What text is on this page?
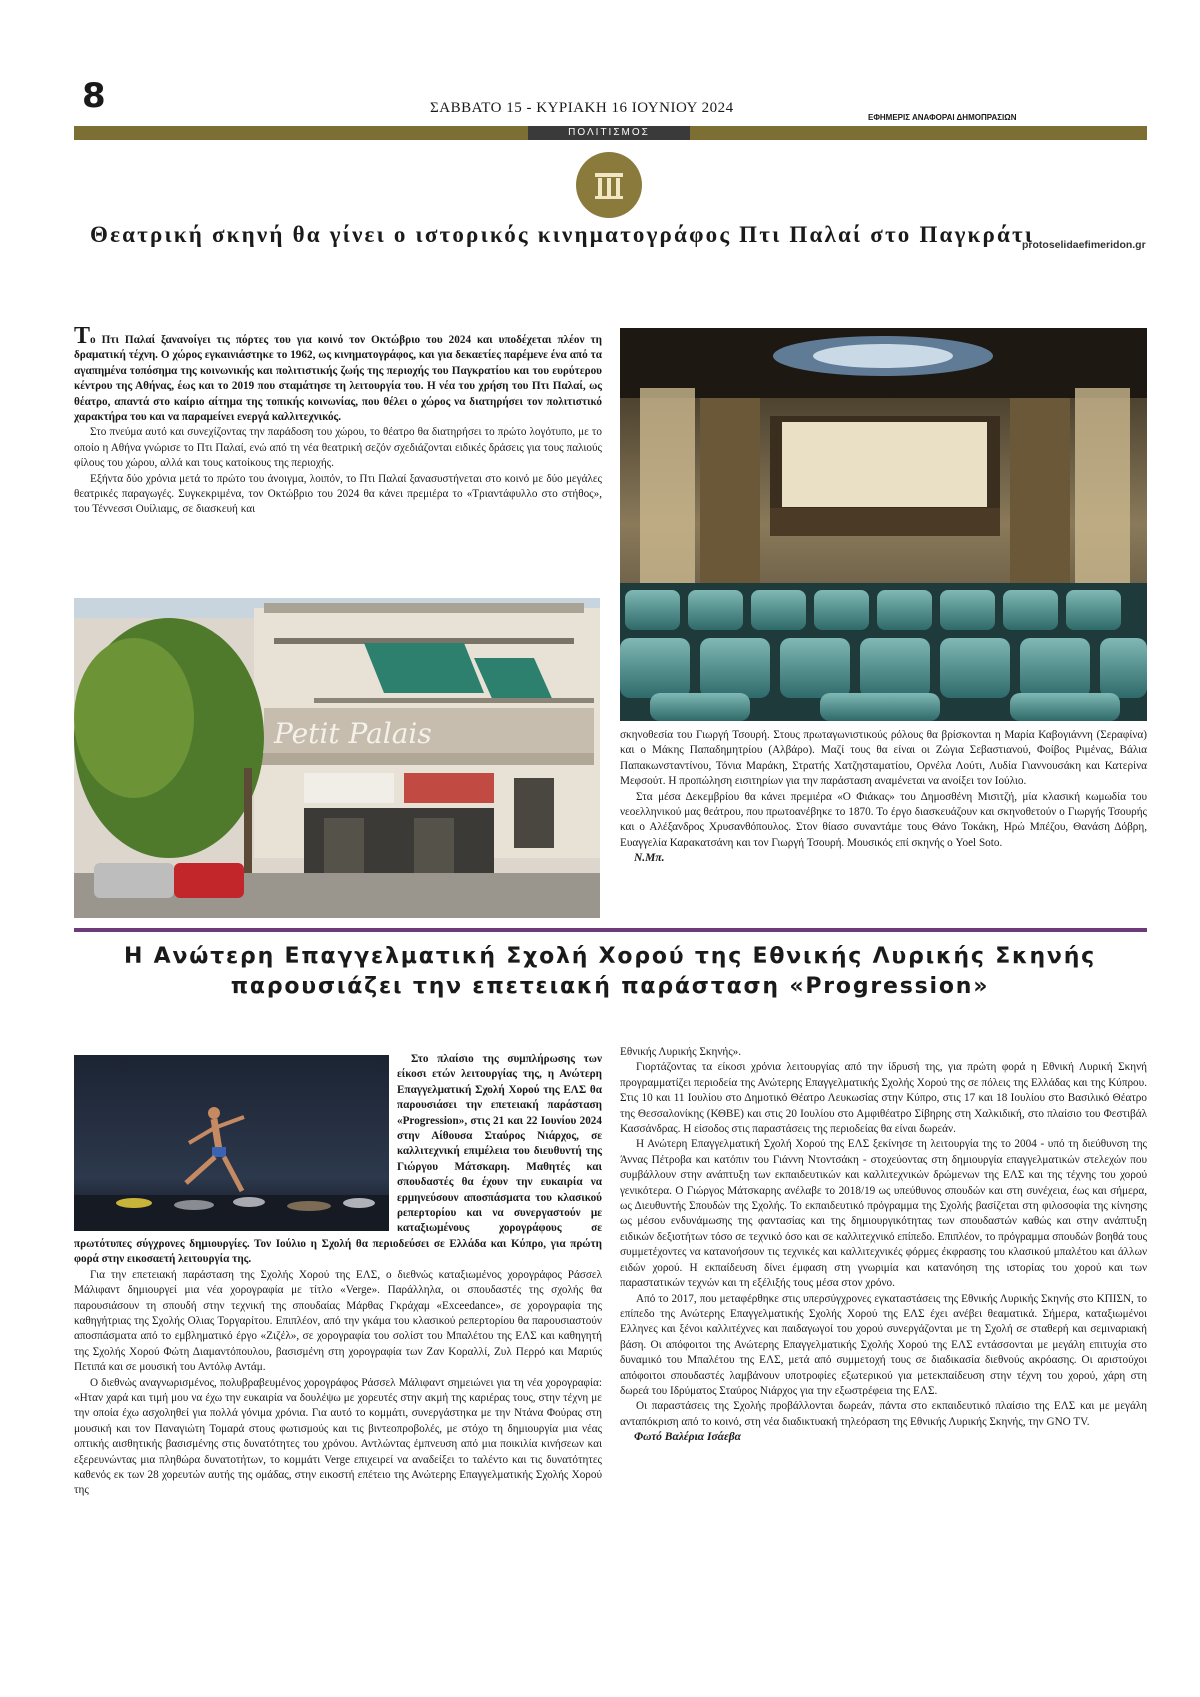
8	ΣΑΒΒΑΤΟ 15 - ΚΥΡΙΑΚΗ 16 ΙΟΥΝΙΟΥ 2024
ΕΦΗΜΕΡΙΣ ΑΝΑΦΟΡΑΙ ΔΗΜΟΠΡΑΣΙΩΝ
ΠΟΛΙΤΙΣΜΟΣ
Θεατρική σκηνή θα γίνει ο ιστορικός κινηματογράφος Πτι Παλαί στο Παγκράτι
protoselidaefimeridon.gr

Το Πτι Παλαί ξανανοίγει τις πόρτες του για κοινό τον Οκτώβριο του 2024 και υποδέχεται πλέον τη δραματική τέχνη. Ο χώρος εγκαινιάστηκε το 1962, ως κινηματογράφος, και για δεκαετίες παρέμενε ένα από τα αγαπημένα τοπόσημα της κοινωνικής και πολιτιστικής ζωής της περιοχής του Παγκρατίου και του ευρύτερου κέντρου της Αθήνας, έως και το 2019 που σταμάτησε τη λειτουργία του. Η νέα του χρήση του Πτι Παλαί, ως θέατρο, απαντά στο καίριο αίτημα της τοπικής κοινωνίας, που θέλει ο χώρος να διατηρήσει τον πολιτιστικό χαρακτήρα του και να παραμείνει ενεργά καλλιτεχνικός.

Στο πνεύμα αυτό και συνεχίζοντας την παράδοση του χώρου, το θέατρο θα διατηρήσει το πρώτο λογότυπο, με το οποίο η Αθήνα γνώρισε το Πτι Παλαί, ενώ από τη νέα θεατρική σεζόν σχεδιάζονται ειδικές δράσεις για τους παλιούς φίλους του χώρου, αλλά και τους κατοίκους της περιοχής.

Εξήντα δύο χρόνια μετά το πρώτο του άνοιγμα, λοιπόν, το Πτι Παλαί ξανασυστήνεται στο κοινό με δύο μεγάλες θεατρικές παραγωγές. Συγκεκριμένα, τον Οκτώβριο του 2024 θα κάνει πρεμιέρα το «Τριαντάφυλλο στο στήθος», του Τέννεσσι Ουίλιαμς, σε διασκευή και

Petit Palais	σκηνοθεσία του Γιωργή Τσουρή. Στους πρωταγωνιστικούς ρόλους θα βρίσκονται η Μαρία Καβογιάννη (Σεραφίνα) και ο Μάκης Παπαδημητρίου (Αλβάρο). Μαζί τους θα είναι οι Ζώγια Σεβαστιανού, Φοίβος Ριμένας, Βάλια Παπακωνσταντίνου, Τόνια Μαράκη, Στρατής Χατζησταματίου, Ορνέλα Λούτι, Λυδία Γιαννουσάκη και Κατερίνα Μεφσούτ. Η προπώληση εισιτηρίων για την παράσταση αναμένεται να ανοίξει τον Ιούλιο.

Στα μέσα Δεκεμβρίου θα κάνει πρεμιέρα «Ο Φιάκας» του Δημοσθένη Μισιτζή, μία κλασική κωμωδία του νεοελληνικού μας θεάτρου, που πρωτοανέβηκε το 1870. Το έργο διασκευάζουν και σκηνοθετούν ο Γιωργής Τσουρής και ο Αλέξανδρος Χρυσανθόπουλος. Στον θίασο συναντάμε τους Θάνο Τοκάκη, Ηρώ Μπέζου, Θανάση Δόβρη, Ευαγγελία Καρακατσάνη και τον Γιωργή Τσουρή. Μουσικός επί σκηνής ο Yoel Soto.

Ν.Μπ.
Η Ανώτερη Επαγγελματική Σχολή Χορού της Εθνικής Λυρικής Σκηνής
παρουσιάζει την επετειακή παράσταση «Progression»

Στο πλαίσιο της συμπλήρωσης των είκοσι ετών λειτουργίας της, η Ανώτερη Επαγγελματική Σχολή Χορού της ΕΛΣ θα παρουσιάσει την επετειακή παράσταση «Progression», στις 21 και 22 Ιουνίου 2024 στην Αίθουσα Σταύρος Νιάρχος, σε καλλιτεχνική επιμέλεια του διευθυντή της Γιώργου Μάτσκαρη. Μαθητές και σπουδαστές θα έχουν την ευκαιρία να ερμηνεύσουν αποσπάσματα του κλασικού ρεπερτορίου και να συνεργαστούν με καταξιωμένους χορογράφους σε πρωτότυπες σύγχρονες δημιουργίες. Τον Ιούλιο η Σχολή θα περιοδεύσει σε Ελλάδα και Κύπρο, για πρώτη φορά στην εικοσαετή λειτουργία της.

Για την επετειακή παράσταση της Σχολής Χορού της ΕΛΣ, ο διεθνώς καταξιωμένος χορογράφος Ράσσελ Μάλιφαντ δημιουργεί μια νέα χορογραφία με τίτλο «Verge». Παράλληλα, οι σπουδαστές της σχολής θα παρουσιάσουν τη σπουδή στην τεχνική της σπουδαίας Μάρθας Γκράχαμ «Exceedance», σε χορογραφία της καθηγήτριας της Σχολής Ολιας Τοργαρίτου. Επιπλέον, από την γκάμα του κλασικού ρεπερτορίου θα παρουσιαστούν αποσπάσματα από το εμβληματικό έργο «Ζιζέλ», σε χορογραφία του σολίστ του Μπαλέτου της ΕΛΣ και καθηγητή της Σχολής Χορού Φώτη Διαμαντόπουλου, βασισμένη στη χορογραφία των Ζαν Κοραλλί, Ζυλ Περρό και Μαριύς Πετιπά και σε μουσική του Αντόλφ Αντάμ.

Ο διεθνώς αναγνωρισμένος, πολυβραβευμένος χορογράφος Ράσσελ Μάλιφαντ σημειώνει για τη νέα χορογραφία: «Ηταν χαρά και τιμή μου να έχω την ευκαιρία να δουλέψω με χορευτές στην ακμή της καριέρας τους, στην τέχνη με την οποία έχω ασχοληθεί για πολλά γόνιμα χρόνια. Για αυτό το κομμάτι, συνεργάστηκα με την Ντάνα Φούρας στη μουσική και τον Παναγιώτη Τομαρά στους φωτισμούς και τις βιντεοπροβολές, με στόχο τη δημιουργία μια νέας οπτικής αισθητικής βασισμένης στις δυνατότητες του χρόνου. Αντλώντας έμπνευση από μια ποικιλία κινήσεων και εξερευνώντας μια πληθώρα δυνατοτήτων, το κομμάτι Verge επιχειρεί να αναδείξει το ταλέντο και τις δυνατότητες καθενός εκ των 28 χορευτών αυτής της ομάδας, στην εικοστή επέτειο της Ανώτερης Επαγγελματικής Σχολής Χορού της

Εθνικής Λυρικής Σκηνής».

Γιορτάζοντας τα είκοσι χρόνια λειτουργίας από την ίδρυσή της, για πρώτη φορά η Εθνική Λυρική Σκηνή προγραμματίζει περιοδεία της Ανώτερης Επαγγελματικής Σχολής Χορού της σε πόλεις της Ελλάδας και της Κύπρου. Στις 10 και 11 Ιουλίου στο Δημοτικό Θέατρο Λευκωσίας στην Κύπρο, στις 17 και 18 Ιουλίου στο Βασιλικό Θέατρο της Θεσσαλονίκης (ΚΘΒΕ) και στις 20 Ιουλίου στο Αμφιθέατρο Σίβηρης στη Χαλκιδική, στο πλαίσιο του Φεστιβάλ Κασσάνδρας. Η είσοδος στις παραστάσεις της περιοδείας θα είναι δωρεάν.

Η Ανώτερη Επαγγελματική Σχολή Χορού της ΕΛΣ ξεκίνησε τη λειτουργία της το 2004 - υπό τη διεύθυνση της Άννας Πέτροβα και κατόπιν του Γιάννη Ντοντσάκη - στοχεύοντας στη δημιουργία επαγγελματικών στελεχών που συμβάλλουν στην ανάπτυξη των εκπαιδευτικών και καλλιτεχνικών δρώμενων της ΕΛΣ και της τέχνης του χορού γενικότερα. Ο Γιώργος Μάτσκαρης ανέλαβε το 2018/19 ως υπεύθυνος σπουδών και στη συνέχεια, έως και σήμερα, ως Διευθυντής Σπουδών της Σχολής. Το εκπαιδευτικό πρόγραμμα της Σχολής βασίζεται στη φιλοσοφία της κίνησης ως μέσου ενδυνάμωσης της φαντασίας και της δημιουργικότητας των σπουδαστών καθώς και στην ανάπτυξη ειδικών δεξιοτήτων τόσο σε τεχνικό όσο και σε καλλιτεχνικό επίπεδο. Επιπλέον, το πρόγραμμα σπουδών βοηθά τους συμμετέχοντες να κατανοήσουν τις τεχνικές και καλλιτεχνικές φόρμες έκφρασης του κλασικού μπαλέτου και άλλων ειδών χορού. Η εκπαίδευση δίνει έμφαση στη γνωριμία και κατανόηση της ιστορίας του χορού και των παραστατικών τεχνών και τη εξέλιξής τους μέσα στον χρόνο.

Από το 2017, που μεταφέρθηκε στις υπερσύγχρονες εγκαταστάσεις της Εθνικής Λυρικής Σκηνής στο ΚΠΙΣΝ, το επίπεδο της Ανώτερης Επαγγελματικής Σχολής Χορού της ΕΛΣ έχει ανέβει θεαματικά. Σήμερα, καταξιωμένοι Ελληνες και ξένοι καλλιτέχνες και παιδαγωγοί του χορού συνεργάζονται με τη Σχολή σε σταθερή και σεμιναριακή βάση. Οι απόφοιτοι της Ανώτερης Επαγγελματικής Σχολής Χορού της ΕΛΣ εντάσσονται με μεγάλη επιτυχία στο δυναμικό του Μπαλέτου της ΕΛΣ, μετά από συμμετοχή τους σε διαδικασία διεθνούς ακρόασης. Οι αριστούχοι απόφοιτοι σπουδαστές λαμβάνουν υποτροφίες εξωτερικού για μετεκπαίδευση στην τέχνη του χορού, χάρη στη δωρεά του Ιδρύματος Σταύρος Νιάρχος για την εξωστρέφεια της ΕΛΣ.

Οι παραστάσεις της Σχολής προβάλλονται δωρεάν, πάντα στο εκπαιδευτικό πλαίσιο της ΕΛΣ και με μεγάλη ανταπόκριση από το κοινό, στη νέα διαδικτυακή τηλεόραση της Εθνικής Λυρικής Σκηνής, την GNO TV.

Φωτό Βαλέρια Ισάεβα
